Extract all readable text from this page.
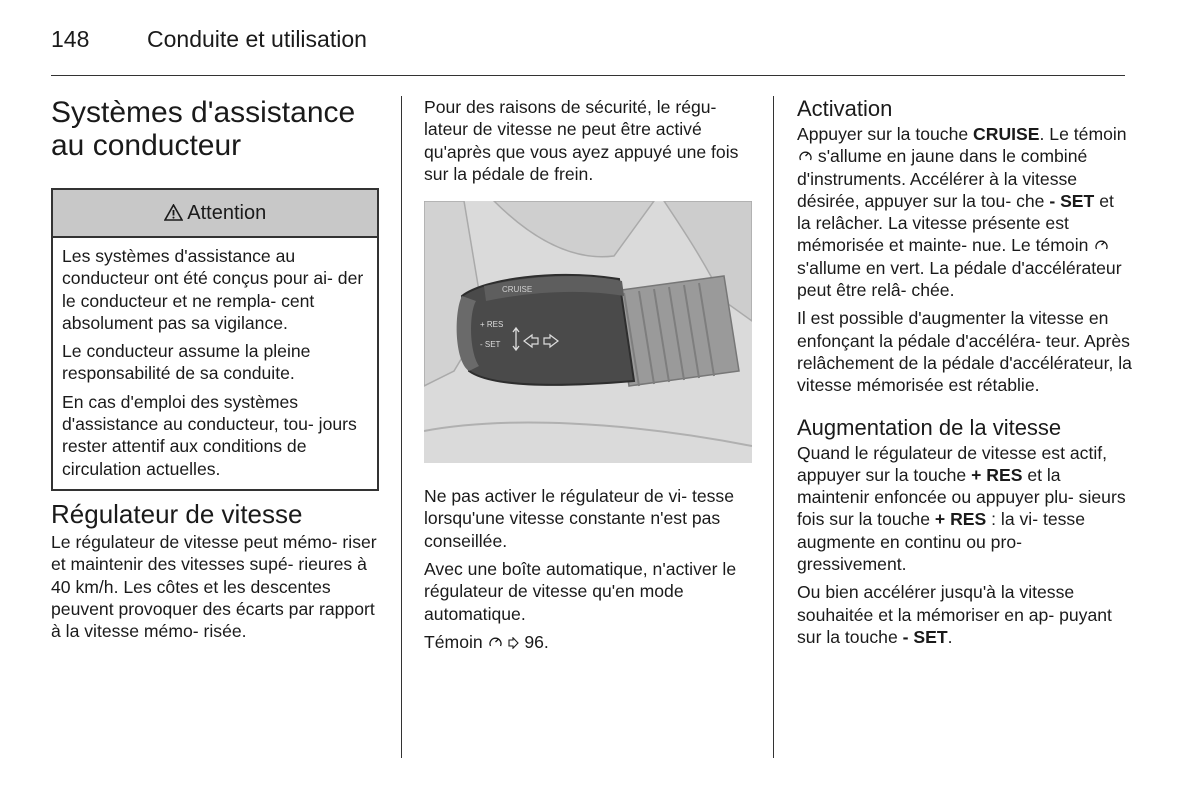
148	Conduite et utilisation
Systèmes d'assistance au conducteur
Attention

Les systèmes d'assistance au conducteur ont été conçus pour ai- der le conducteur et ne rempla- cent absolument pas sa vigilance.

Le conducteur assume la pleine responsabilité de sa conduite.

En cas d'emploi des systèmes d'assistance au conducteur, tou- jours rester attentif aux conditions de circulation actuelles.

Régulateur de vitesse

Le régulateur de vitesse peut mémo- riser et maintenir des vitesses supé- rieures à 40 km/h. Les côtes et les descentes peuvent provoquer des écarts par rapport à la vitesse mémo- risée.

Pour des raisons de sécurité, le régu- lateur de vitesse ne peut être activé qu'après que vous ayez appuyé une fois sur la pédale de frein.

CRUISE
+ RES
- SET

Ne pas activer le régulateur de vi- tesse lorsqu'une vitesse constante n'est pas conseillée.

Avec une boîte automatique, n'activer le régulateur de vitesse qu'en mode automatique.

Témoin 96.

Activation

Appuyer sur la touche CRUISE. Le témoin  s'allume en jaune dans le combiné d'instruments. Accélérer à la vitesse désirée, appuyer sur la tou- che - SET et la relâcher. La vitesse présente est mémorisée et mainte- nue. Le témoin  s'allume en vert. La pédale d'accélérateur peut être relâ- chée.

Il est possible d'augmenter la vitesse en enfonçant la pédale d'accéléra- teur. Après relâchement de la pédale d'accélérateur, la vitesse mémorisée est rétablie.

Augmentation de la vitesse

Quand le régulateur de vitesse est actif, appuyer sur la touche + RES et la maintenir enfoncée ou appuyer plu- sieurs fois sur la touche + RES : la vi- tesse augmente en continu ou pro- gressivement.

Ou bien accélérer jusqu'à la vitesse souhaitée et la mémoriser en ap- puyant sur la touche - SET.
